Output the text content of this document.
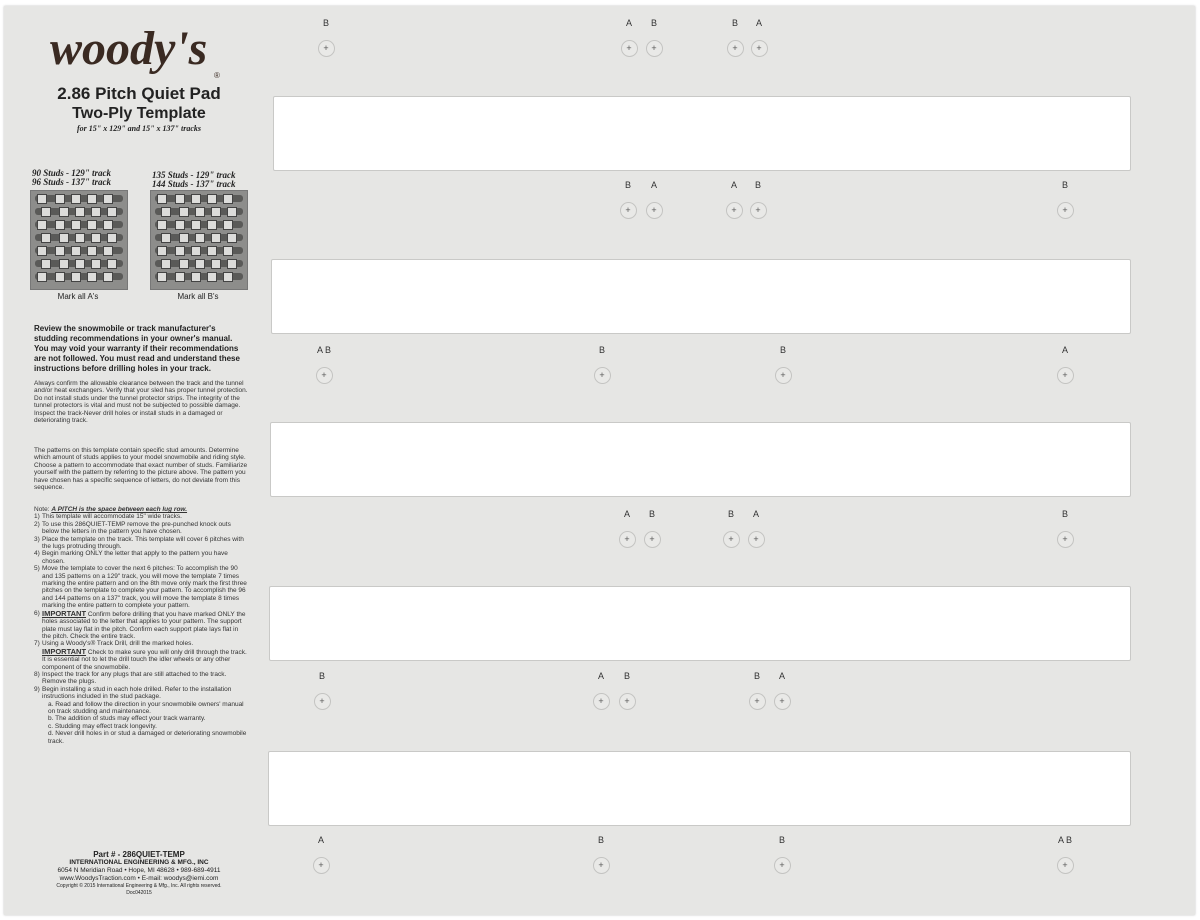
woody's
®
2.86 Pitch Quiet Pad
Two-Ply Template
for 15" x 129" and 15" x 137" tracks
90 Studs - 129" track
96 Studs - 137" track
135 Studs - 129" track
144 Studs - 137" track
Mark all A's	Mark all B's
Review the snowmobile or track manufacturer's studding recommendations in your owner's manual. You may void your warranty if their recommendations are not followed. You must read and understand these instructions before drilling holes in your track.

Always confirm the allowable clearance between the track and the tunnel and/or heat exchangers. Verify that your sled has proper tunnel protection. Do not install studs under the tunnel protector strips. The integrity of the tunnel protectors is vital and must not be subjected to possible damage. Inspect the track-Never drill holes or install studs in a damaged or deteriorating track.

The patterns on this template contain specific stud amounts. Determine which amount of studs applies to your model snowmobile and riding style. Choose a pattern to accommodate that exact number of studs. Familiarize yourself with the pattern by referring to the picture above. The pattern you have chosen has a specific sequence of letters, do not deviate from this sequence.

Note: A PITCH is the space between each lug row.

1) This template will accommodate 15" wide tracks.
2) To use this 286QUIET-TEMP remove the pre-punched knock outs below the letters in the pattern you have chosen.
3) Place the template on the track. This template will cover 6 pitches with the lugs protruding through.
4) Begin marking ONLY the letter that apply to the pattern you have chosen.
5) Move the template to cover the next 6 pitches: To accomplish the 90 and 135 patterns on a 129" track, you will move the template 7 times marking the entire pattern and on the 8th move only mark the first three pitches on the template to complete your pattern. To accomplish the 96 and 144 patterns on a 137" track, you will move the template 8 times marking the entire pattern to complete your pattern.
6) IMPORTANT Confirm before drilling that you have marked ONLY the holes associated to the letter that applies to your pattern. The support plate must lay flat in the pitch. Confirm each support plate lays flat in the pitch. Check the entire track.
7) Using a Woody's® Track Drill, drill the marked holes.
IMPORTANT Check to make sure you will only drill through the track. It is essential not to let the drill touch the idler wheels or any other component of the snowmobile.
8) Inspect the track for any plugs that are still attached to the track. Remove the plugs.
9) Begin installing a stud in each hole drilled. Refer to the installation instructions included in the stud package.
a. Read and follow the direction in your snowmobile owners' manual on track studding and maintenance.
b. The addition of studs may effect your track warranty.
c. Studding may effect track longevity.
d. Never drill holes in or stud a damaged or deteriorating snowmobile track.
Part # - 286QUIET-TEMP
INTERNATIONAL ENGINEERING & MFG., INC
6054 N Meridian Road • Hope, MI 48628 • 989-689-4911
www.WoodysTraction.com • E-mail: woodys@iemi.com
Copyright © 2015 International Engineering & Mfg., Inc. All rights reserved.
Doc042015
B
+
A
+
B
+
B
+
A
+
B
+
A
+
A
+
B
+
B
+
A B
+
B
+
B
+
A
+
A
+
B
+
B
+
A
+
B
+
B
+
A
+
B
+
B
+
A
+
A
+
B
+
B
+
A B
+
